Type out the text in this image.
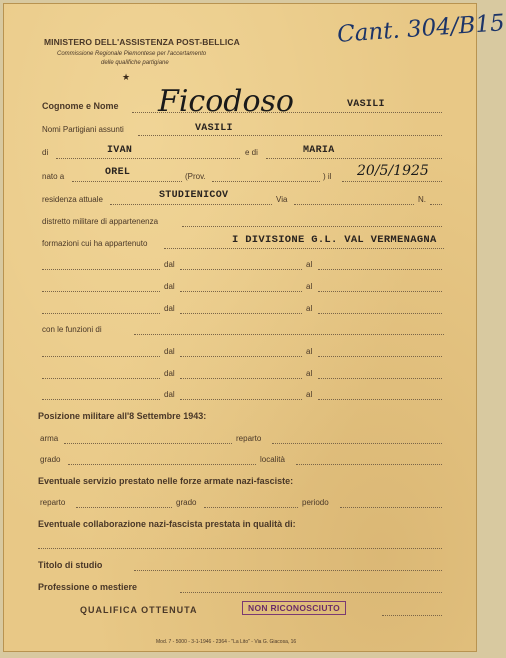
MINISTERO DELL'ASSISTENZA POST-BELLICA
Commissione Regionale Piemontese per l'accertamento
delle qualifiche partigiane
Cant. 304/B15
★
Cognome e Nome Ficodoso	VASILI
Nomi Partigiani assunti	VASILI
di	IVAN	e di	MARIA
nato a	OREL	(Prov.	) il 20/5/1925
residenza attuale	STUDIENICOV	Via	N.
distretto militare di appartenenza
formazioni cui ha appartenuto	I DIVISIONE G.L. VAL VERMENAGNA
dal	al
dal	al
dal	al
con le funzioni di
dal	al
dal	al
dal	al
Posizione militare all'8 Settembre 1943:
arma	reparto
grado	località
Eventuale servizio prestato nelle forze armate nazi-fasciste:
reparto	grado	periodo
Eventuale collaborazione nazi-fascista prestata in qualità di:
Titolo di studio
Professione o mestiere
QUALIFICA OTTENUTA	NON RICONOSCIUTO
Mod. 7 - 5000 - 3-1-1946 - 2364 - "La Lito" - Via G. Giacosa, 16
